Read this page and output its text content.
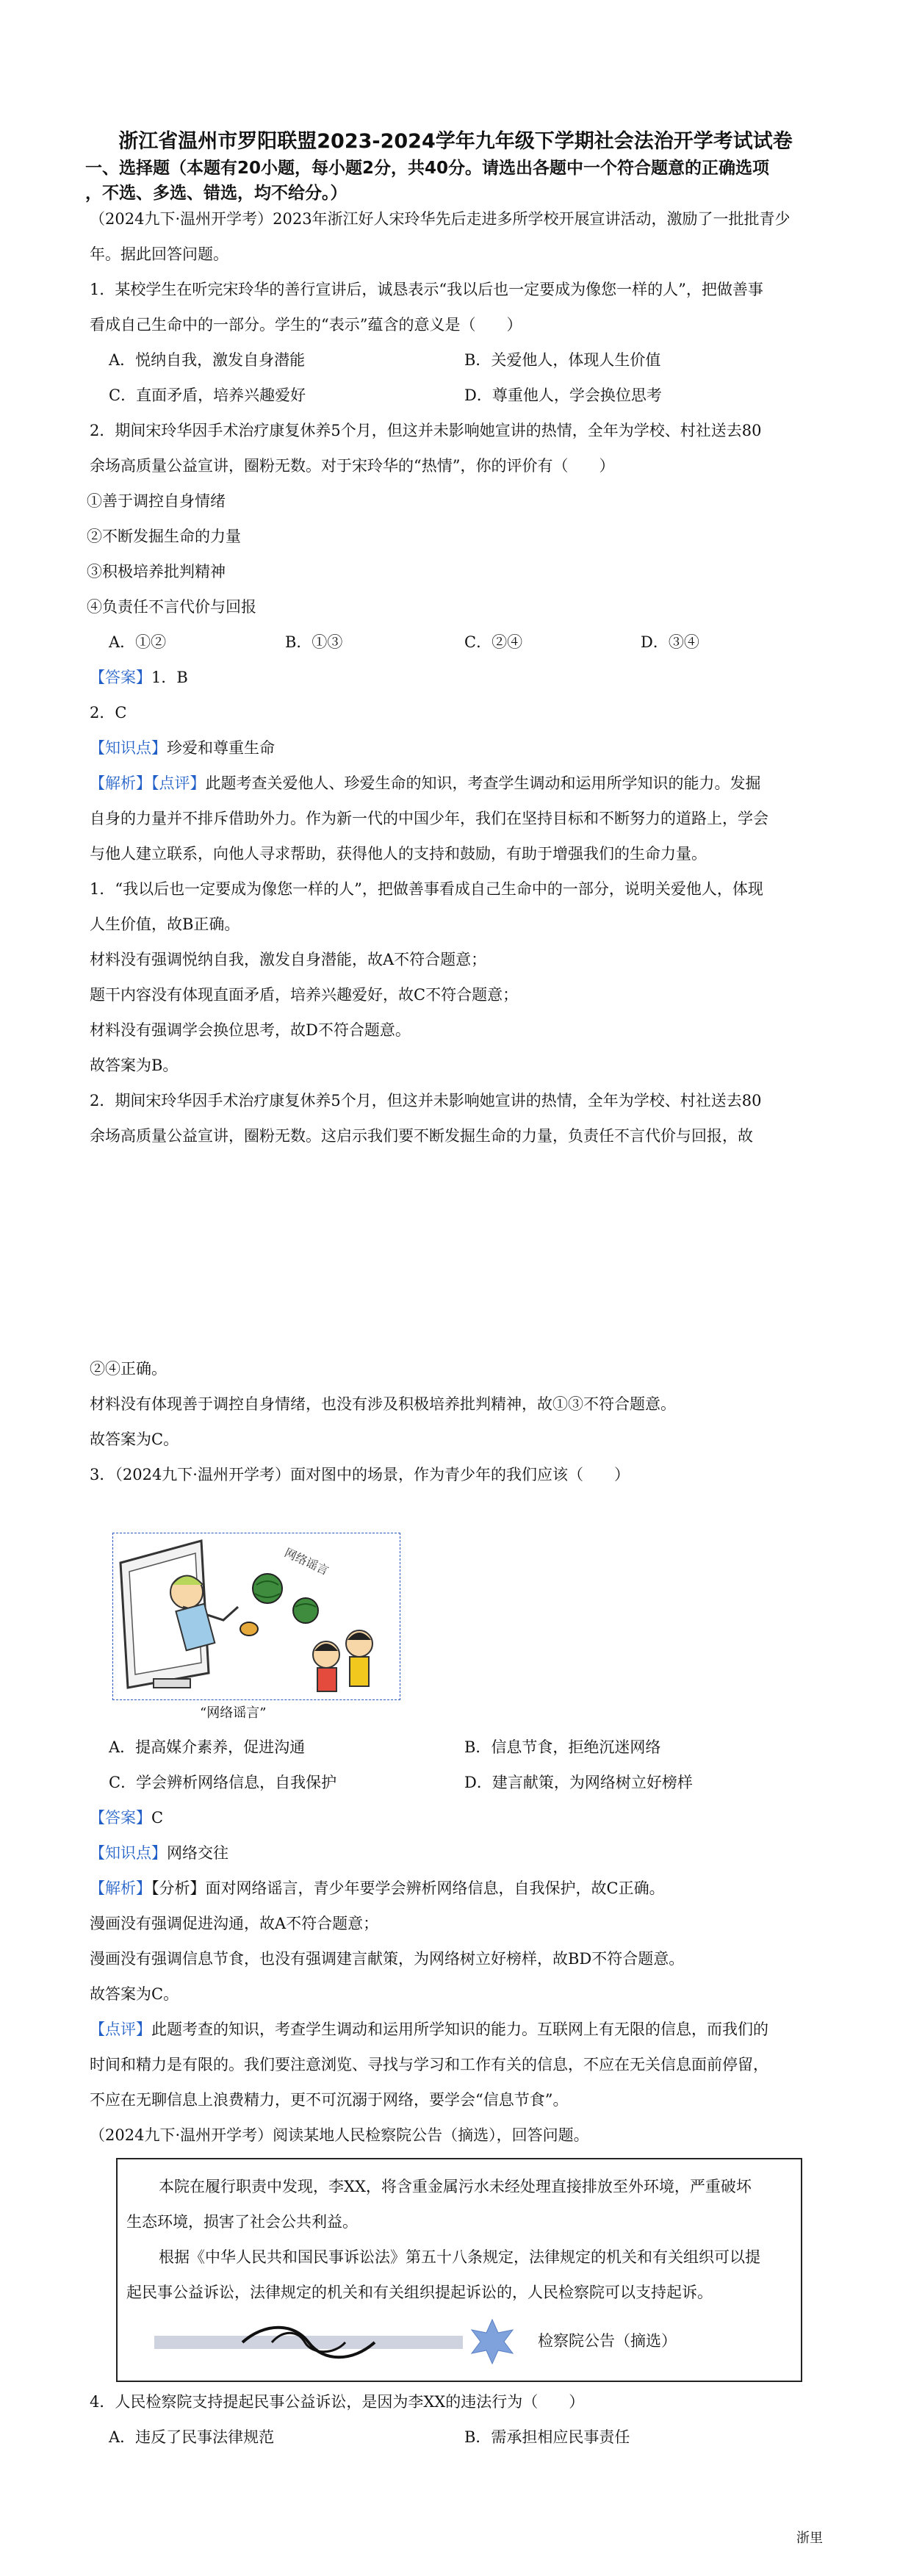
浙江省温州市罗阳联盟2023-2024学年九年级下学期社会法治开学考试试卷
一、选择题（本题有20小题，每小题2分，共40分。请选出各题中一个符合题意的正确选项
，不选、多选、错选，均不给分。）
（2024九下·温州开学考）2023年浙江好人宋玲华先后走进多所学校开展宣讲活动，激励了一批批青少
年。据此回答问题。
1．某校学生在听完宋玲华的善行宣讲后，诚恳表示“我以后也一定要成为像您一样的人”，把做善事
看成自己生命中的一部分。学生的“表示”蕴含的意义是（　　）
A．悦纳自我，激发自身潜能	B．关爱他人，体现人生价值
C．直面矛盾，培养兴趣爱好	D．尊重他人，学会换位思考
2．期间宋玲华因手术治疗康复休养5个月，但这并未影响她宣讲的热情，全年为学校、村社送去80
余场高质量公益宣讲，圈粉无数。对于宋玲华的“热情”，你的评价有（　　）
①善于调控自身情绪
②不断发掘生命的力量
③积极培养批判精神
④负责任不言代价与回报
A．①②	B．①③	C．②④	D．③④
【答案】1．B
2．C
【知识点】珍爱和尊重生命
【解析】【点评】此题考查关爱他人、珍爱生命的知识，考查学生调动和运用所学知识的能力。发掘
自身的力量并不排斥借助外力。作为新一代的中国少年，我们在坚持目标和不断努力的道路上，学会
与他人建立联系，向他人寻求帮助，获得他人的支持和鼓励，有助于增强我们的生命力量。
1．“我以后也一定要成为像您一样的人”，把做善事看成自己生命中的一部分，说明关爱他人，体现
人生价值，故B正确。
材料没有强调悦纳自我，激发自身潜能，故A不符合题意；
题干内容没有体现直面矛盾，培养兴趣爱好，故C不符合题意；
材料没有强调学会换位思考，故D不符合题意。
故答案为B。
2．期间宋玲华因手术治疗康复休养5个月，但这并未影响她宣讲的热情，全年为学校、村社送去80
余场高质量公益宣讲，圈粉无数。这启示我们要不断发掘生命的力量，负责任不言代价与回报，故
②④正确。
材料没有体现善于调控自身情绪，也没有涉及积极培养批判精神，故①③不符合题意。
故答案为C。
3．（2024九下·温州开学考）面对图中的场景，作为青少年的我们应该（　　）
网络谣言
“网络谣言”
A．提高媒介素养，促进沟通	B．信息节食，拒绝沉迷网络
C．学会辨析网络信息，自我保护	D．建言献策，为网络树立好榜样
【答案】C
【知识点】网络交往
【解析】【分析】面对网络谣言，青少年要学会辨析网络信息，自我保护，故C正确。
漫画没有强调促进沟通，故A不符合题意；
漫画没有强调信息节食，也没有强调建言献策，为网络树立好榜样，故BD不符合题意。
故答案为C。
【点评】此题考查的知识，考查学生调动和运用所学知识的能力。互联网上有无限的信息，而我们的
时间和精力是有限的。我们要注意浏览、寻找与学习和工作有关的信息，不应在无关信息面前停留，
不应在无聊信息上浪费精力，更不可沉溺于网络，要学会“信息节食”。
（2024九下·温州开学考）阅读某地人民检察院公告（摘选），回答问题。
本院在履行职责中发现，李XX，将含重金属污水未经处理直接排放至外环境，严重破坏
生态环境，损害了社会公共利益。
根据《中华人民共和国民事诉讼法》第五十八条规定，法律规定的机关和有关组织可以提
起民事公益诉讼，法律规定的机关和有关组织提起诉讼的，人民检察院可以支持起诉。
检察院公告（摘选）
4．人民检察院支持提起民事公益诉讼，是因为李XX的违法行为（　　）
A．违反了民事法律规范	B．需承担相应民事责任
浙里
